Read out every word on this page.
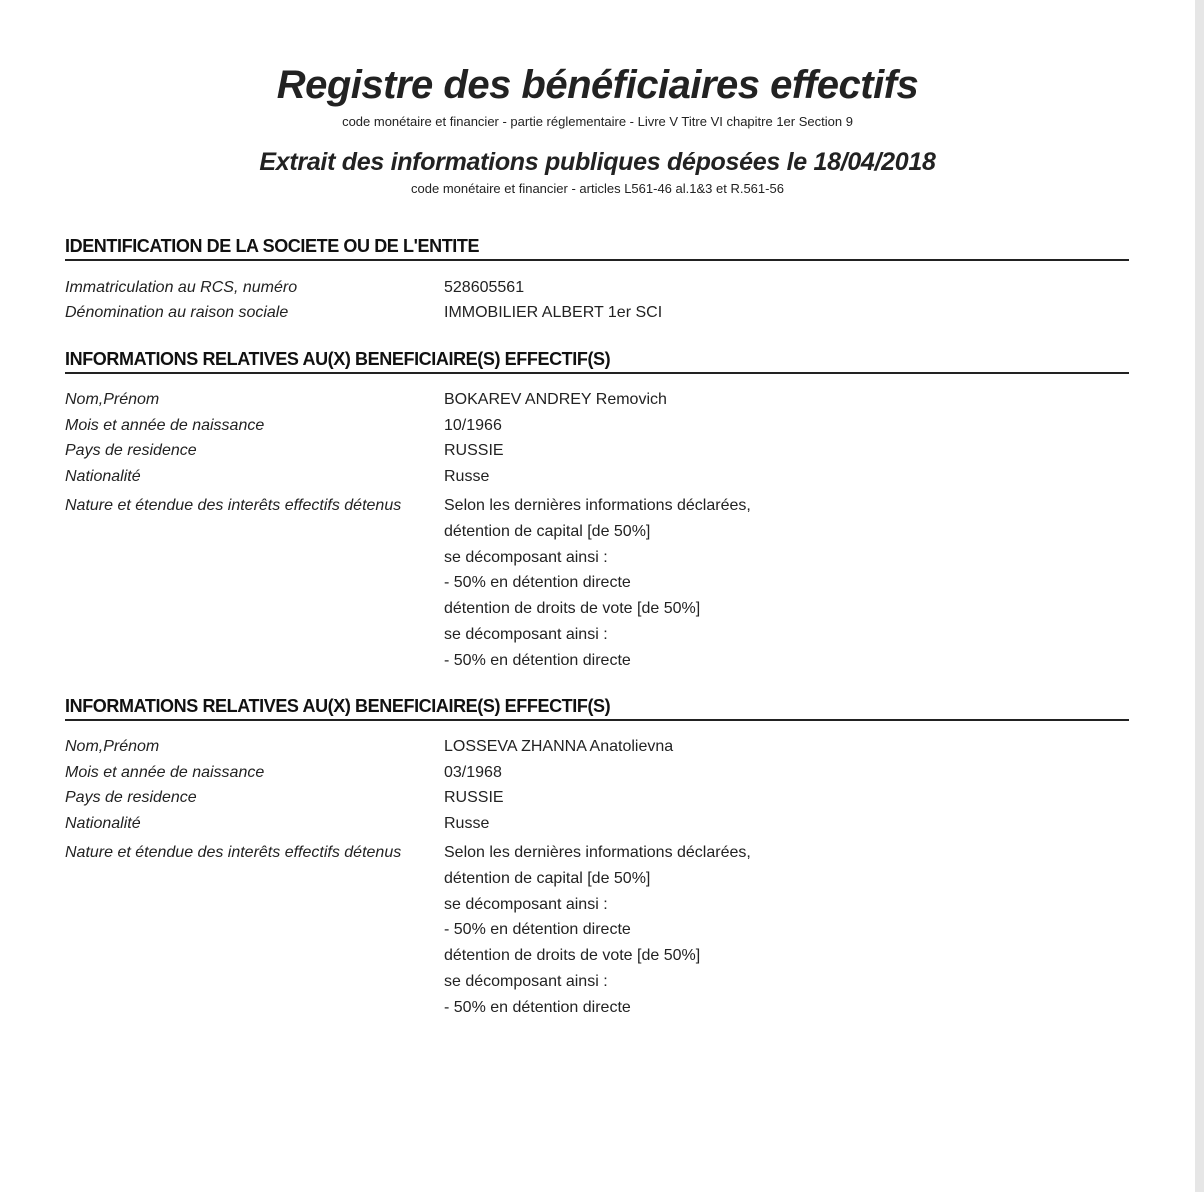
Registre des bénéficiaires effectifs
code monétaire et financier - partie réglementaire - Livre V Titre VI chapitre 1er Section 9
Extrait des informations publiques déposées le 18/04/2018
code monétaire et financier - articles L561-46 al.1&3 et R.561-56
IDENTIFICATION DE LA SOCIETE OU DE L'ENTITE
Immatriculation au RCS, numéro	528605561
Dénomination au raison sociale	IMMOBILIER ALBERT 1er SCI
INFORMATIONS RELATIVES AU(X) BENEFICIAIRE(S) EFFECTIF(S)
Nom,Prénom	BOKAREV ANDREY Removich
Mois et année de naissance	10/1966
Pays de residence	RUSSIE
Nationalité	Russe
Nature et étendue des interêts effectifs détenus	Selon les dernières informations déclarées,
détention de capital [de 50%]
se décomposant ainsi :
- 50% en détention directe
détention de droits de vote [de 50%]
se décomposant ainsi :
- 50% en détention directe
INFORMATIONS RELATIVES AU(X) BENEFICIAIRE(S) EFFECTIF(S)
Nom,Prénom	LOSSEVA ZHANNA Anatolievna
Mois et année de naissance	03/1968
Pays de residence	RUSSIE
Nationalité	Russe
Nature et étendue des interêts effectifs détenus	Selon les dernières informations déclarées,
détention de capital [de 50%]
se décomposant ainsi :
- 50% en détention directe
détention de droits de vote [de 50%]
se décomposant ainsi :
- 50% en détention directe
